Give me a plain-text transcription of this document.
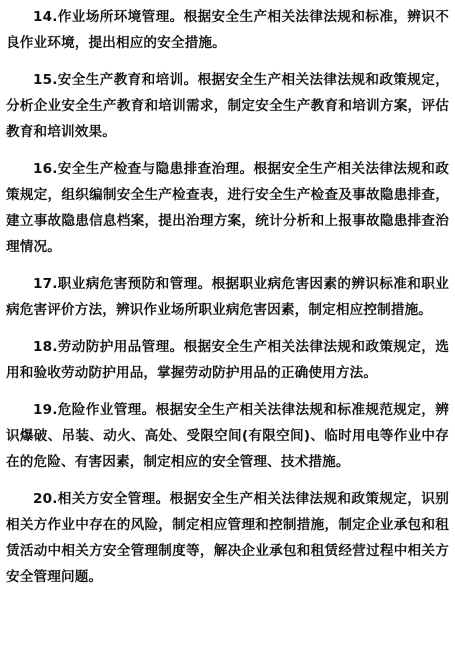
14.作业场所环境管理。根据安全生产相关法律法规和标准，辨识不良作业环境，提出相应的安全措施。

15.安全生产教育和培训。根据安全生产相关法律法规和政策规定，分析企业安全生产教育和培训需求，制定安全生产教育和培训方案，评估教育和培训效果。

16.安全生产检查与隐患排查治理。根据安全生产相关法律法规和政策规定，组织编制安全生产检查表，进行安全生产检查及事故隐患排查，建立事故隐患信息档案，提出治理方案，统计分析和上报事故隐患排查治理情况。

17.职业病危害预防和管理。根据职业病危害因素的辨识标准和职业病危害评价方法，辨识作业场所职业病危害因素，制定相应控制措施。

18.劳动防护用品管理。根据安全生产相关法律法规和政策规定，选用和验收劳动防护用品，掌握劳动防护用品的正确使用方法。

19.危险作业管理。根据安全生产相关法律法规和标准规范规定，辨识爆破、吊装、动火、高处、受限空间(有限空间)、临时用电等作业中存在的危险、有害因素，制定相应的安全管理、技术措施。

20.相关方安全管理。根据安全生产相关法律法规和政策规定，识别相关方作业中存在的风险，制定相应管理和控制措施，制定企业承包和租赁活动中相关方安全管理制度等，解决企业承包和租赁经营过程中相关方安全管理问题。
